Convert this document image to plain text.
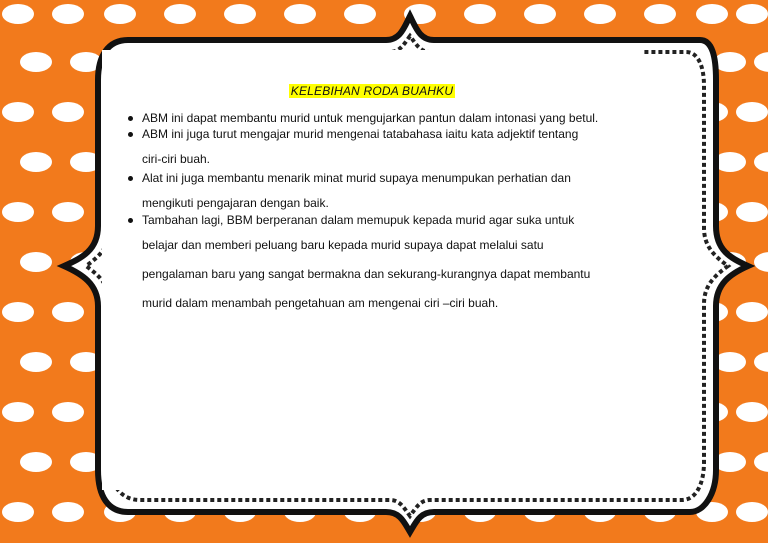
KELEBIHAN RODA BUAHKU
ABM ini dapat membantu murid untuk mengujarkan pantun dalam intonasi yang betul.
ABM ini juga turut mengajar murid mengenai tatabahasa iaitu kata adjektif tentang
ciri-ciri buah.
Alat ini juga membantu menarik minat murid supaya menumpukan perhatian dan
mengikuti pengajaran dengan baik.
Tambahan lagi, BBM berperanan dalam memupuk kepada murid agar suka untuk
belajar dan memberi peluang baru kepada murid supaya dapat melalui satu
pengalaman baru yang sangat bermakna dan sekurang-kurangnya dapat membantu
murid dalam menambah pengetahuan am mengenai ciri –ciri buah.
